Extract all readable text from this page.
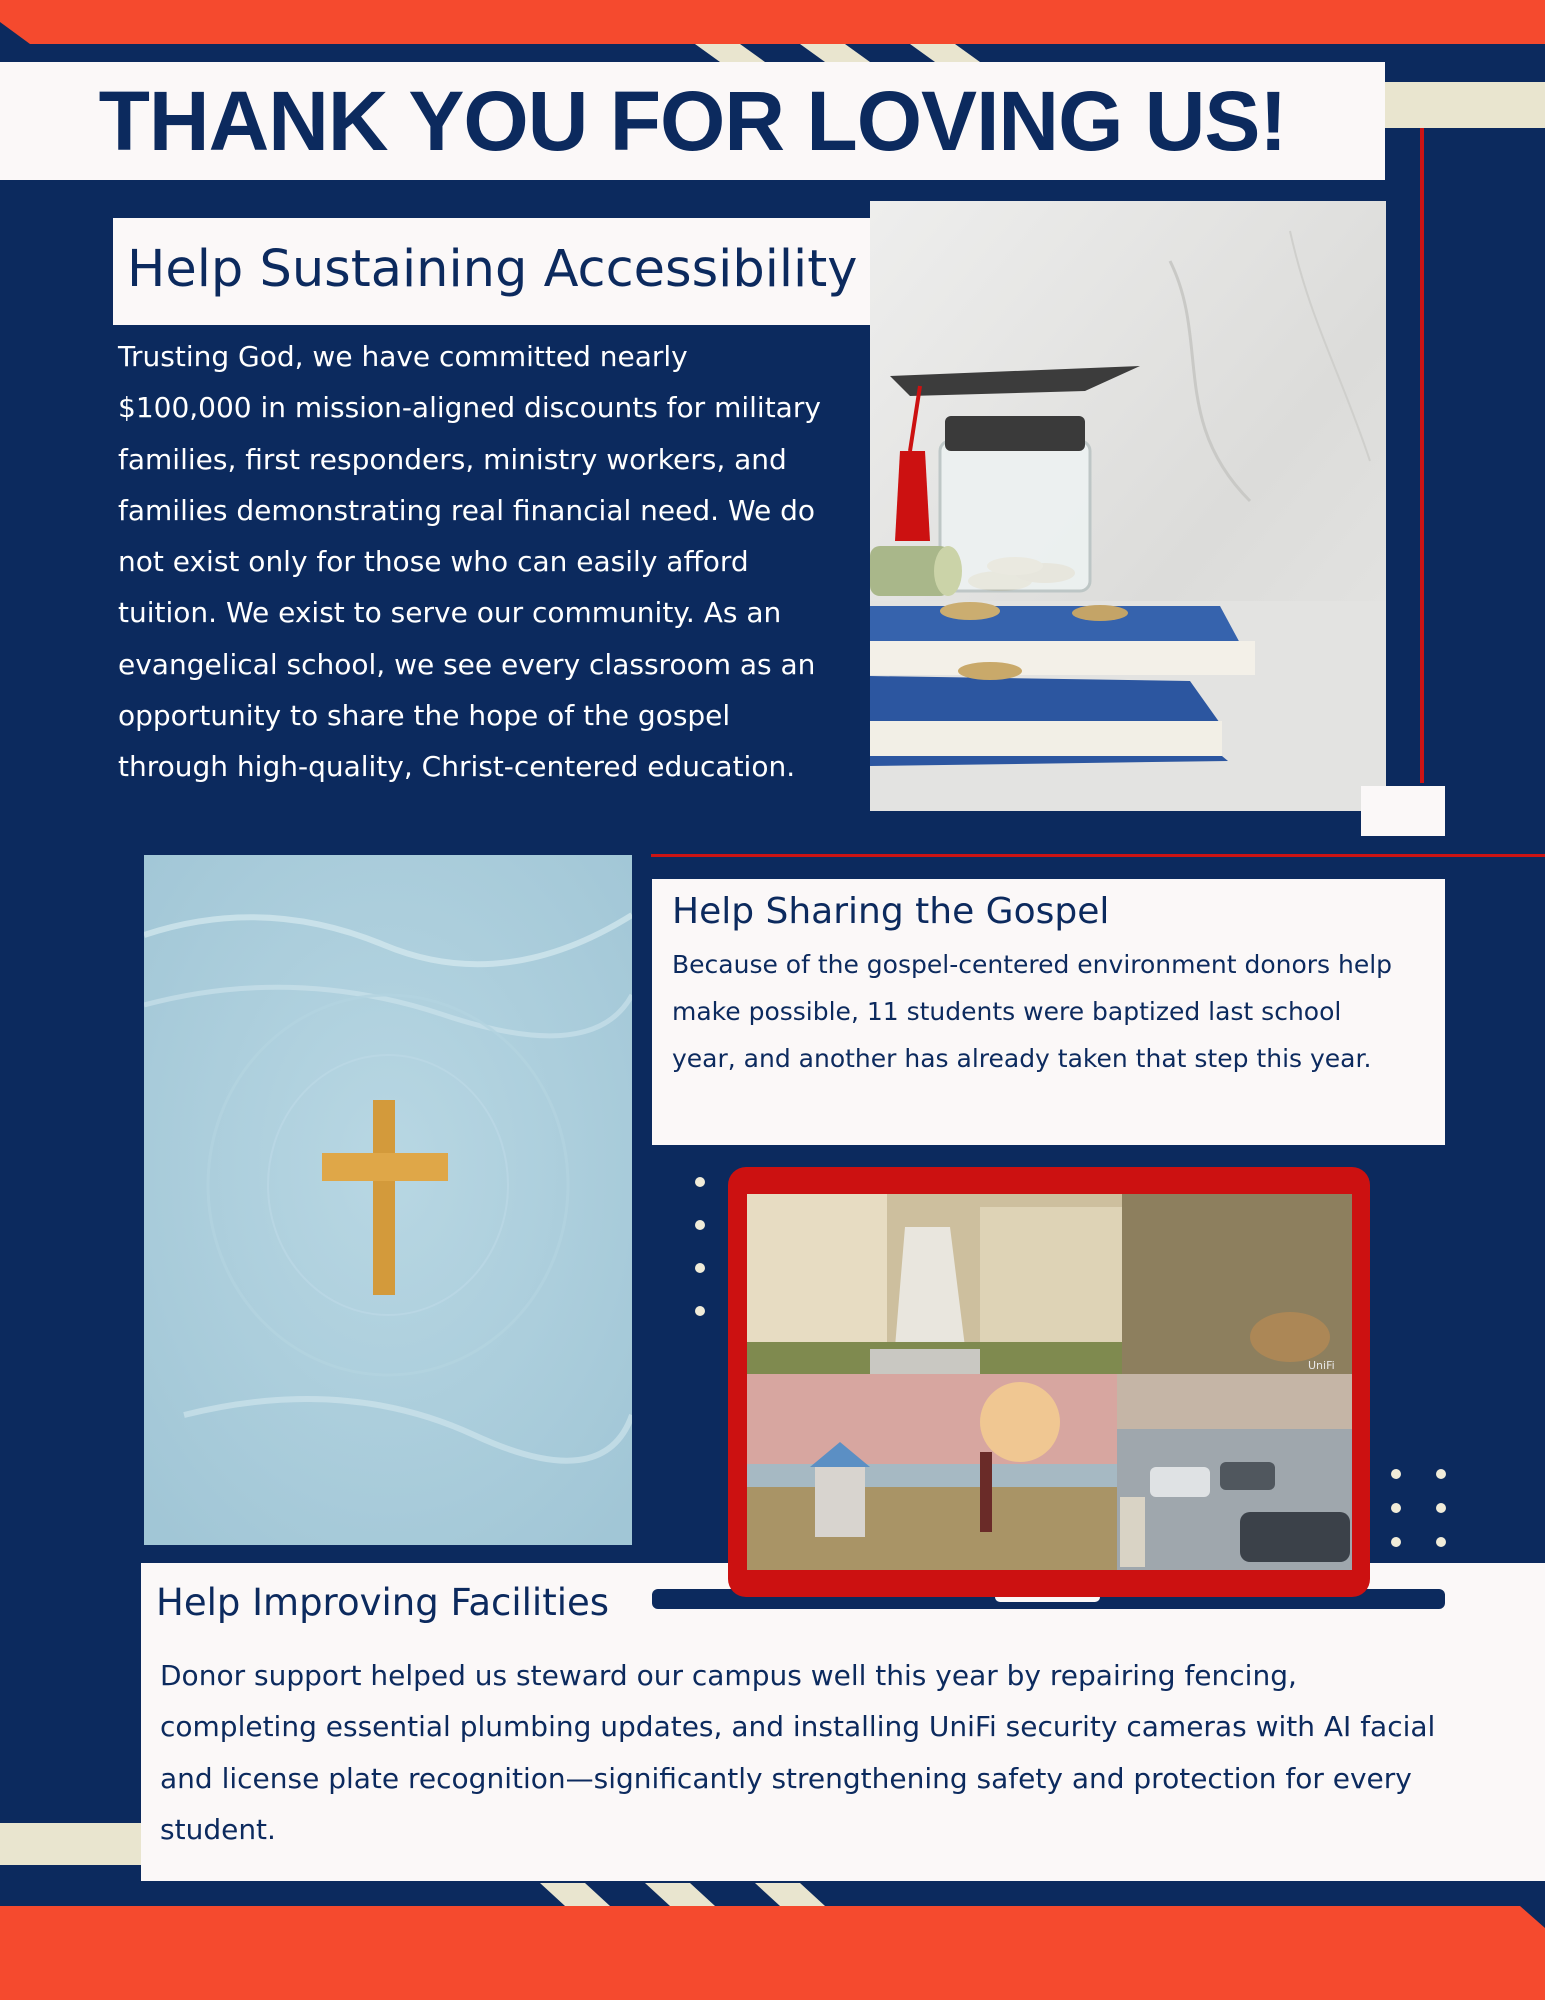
THANK YOU FOR LOVING US!
Help Sustaining Accessibility
Trusting God, we have committed nearly $100,000 in mission-aligned discounts for military families, first responders, ministry workers, and families demonstrating real financial need. We do not exist only for those who can easily afford tuition. We exist to serve our community. As an evangelical school, we see every classroom as an opportunity to share the hope of the gospel through high-quality, Christ-centered education.
Help Sharing the Gospel
Because of the gospel-centered environment donors help make possible, 11 students were baptized last school year, and another has already taken that step this year.
Help Improving Facilities
Donor support helped us steward our campus well this year by repairing fencing, completing essential plumbing updates, and installing UniFi security cameras with AI facial and license plate recognition—significantly strengthening safety and protection for every student.
UniFi
